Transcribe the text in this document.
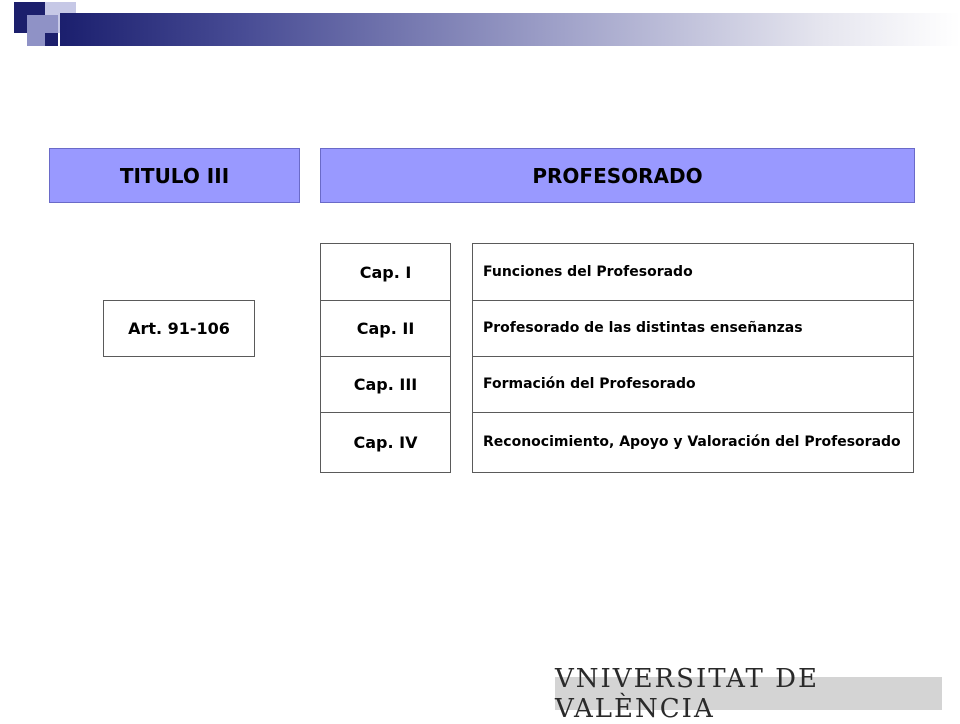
TITULO III	PROFESORADO
Art. 91-106
Cap. I
Cap. II
Cap. III
Cap. IV
Funciones del Profesorado
Profesorado de las distintas enseñanzas
Formación del Profesorado
Reconocimiento, Apoyo y Valoración del Profesorado
VNIVERSITAT DE VALÈNCIA
